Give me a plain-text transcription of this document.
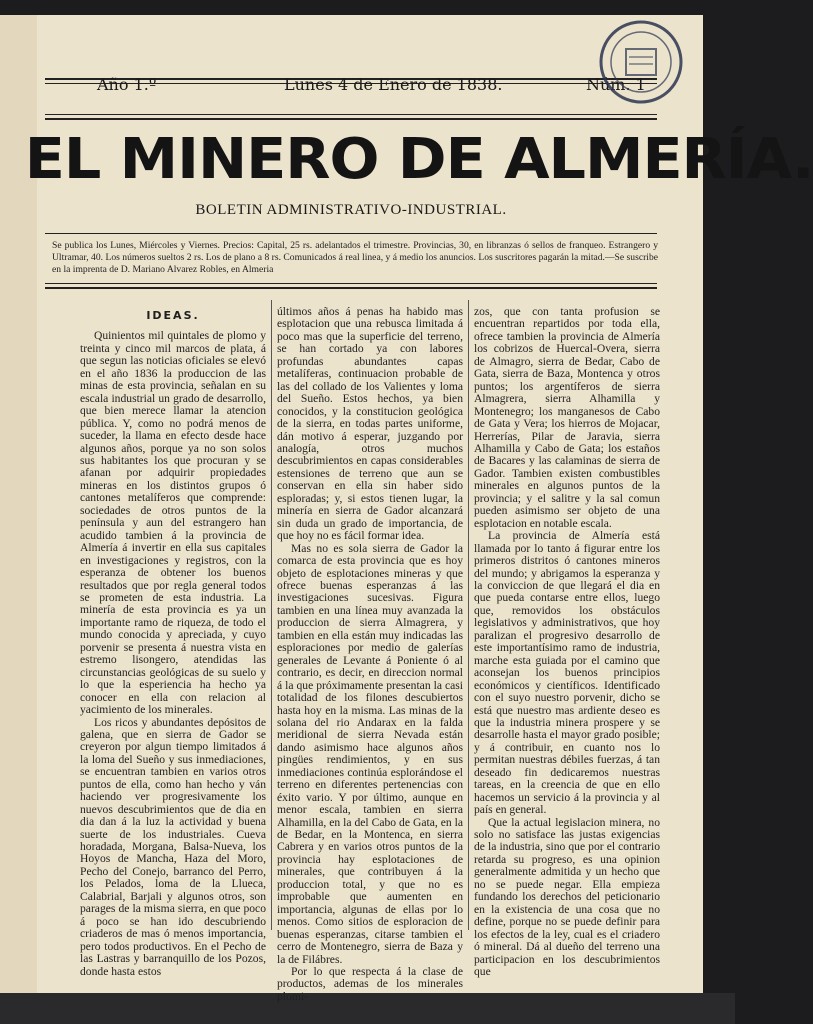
Año 1.º	Lunes 4 de Enero de 1838.	Núm. 1
EL MINERO DE ALMERÍA.
BOLETIN ADMINISTRATIVO-INDUSTRIAL.
Se publica los Lunes, Miércoles y Viernes. Precios: Capital, 25 rs. adelantados el trimestre. Provincias, 30, en libranzas ó sellos de franqueo. Estrangero y Ultramar, 40. Los números sueltos 2 rs. Los de plano a 8 rs. Comunicados á real linea, y á medio los anuncios. Los suscritores pagarán la mitad.—Se suscribe en la imprenta de D. Mariano Alvarez Robles, en Almeria

IDEAS.

Quinientos mil quintales de plomo y treinta y cinco mil marcos de plata, á que segun las noticias oficiales se elevó en el año 1836 la produccion de las minas de esta provincia, señalan en su escala industrial un grado de desarrollo, que bien merece llamar la atencion pública. Y, como no podrá menos de suceder, la llama en efecto desde hace algunos años, porque ya no son solos sus habitantes los que procuran y se afanan por adquirir propiedades mineras en los distintos grupos ó cantones metalíferos que comprende: sociedades de otros puntos de la península y aun del estrangero han acudido tambien á la provincia de Almería á invertir en ella sus capitales en investigaciones y registros, con la esperanza de obtener los buenos resultados que por regla general todos se prometen de esta industria. La minería de esta provincia es ya un importante ramo de riqueza, de todo el mundo conocida y apreciada, y cuyo porvenir se presenta á nuestra vista en estremo lisongero, atendidas las circunstancias geológicas de su suelo y lo que la esperiencia ha hecho ya conocer en ella con relacion al yacimiento de los minerales.

Los ricos y abundantes depósitos de galena, que en sierra de Gador se creyeron por algun tiempo limitados á la loma del Sueño y sus inmediaciones, se encuentran tambien en varios otros puntos de ella, como han hecho y ván haciendo ver progresivamente los nuevos descubrimientos que de dia en dia dan á la luz la actividad y buena suerte de los industriales. Cueva horadada, Morgana, Balsa-Nueva, los Hoyos de Mancha, Haza del Moro, Pecho del Conejo, barranco del Perro, los Pelados, loma de la Llueca, Calabrial, Barjali y algunos otros, son parages de la misma sierra, en que poco á poco se han ido descubriendo criaderos de mas ó menos importancia, pero todos productivos. En el Pecho de las Lastras y barranquillo de los Pozos, donde hasta estos

últimos años á penas ha habido mas esplotacion que una rebusca limitada á poco mas que la superficie del terreno, se han cortado ya con labores profundas abundantes capas metalíferas, continuacion probable de las del collado de los Valientes y loma del Sueño. Estos hechos, ya bien conocidos, y la constitucion geológica de la sierra, en todas partes uniforme, dán motivo á esperar, juzgando por analogía, otros muchos descubrimientos en capas considerables estensiones de terreno que aun se conservan en ella sin haber sido esploradas; y, si estos tienen lugar, la minería en sierra de Gador alcanzará sin duda un grado de importancia, de que hoy no es fácil formar idea.

Mas no es sola sierra de Gador la comarca de esta provincia que es hoy objeto de esplotaciones mineras y que ofrece buenas esperanzas á las investigaciones sucesivas. Figura tambien en una línea muy avanzada la produccion de sierra Almagrera, y tambien en ella están muy indicadas las esploraciones por medio de galerías generales de Levante á Poniente ó al contrario, es decir, en direccion normal á la que próximamente presentan la casi totalidad de los filones descubiertos hasta hoy en la misma. Las minas de la solana del rio Andarax en la falda meridional de sierra Nevada están dando asimismo hace algunos años pingües rendimientos, y en sus inmediaciones continúa esplorándose el terreno en diferentes pertenencias con éxito vario. Y por último, aunque en menor escala, tambien en sierra Alhamilla, en la del Cabo de Gata, en la de Bedar, en la Montenca, en sierra Cabrera y en varios otros puntos de la provincia hay esplotaciones de minerales, que contribuyen á la produccion total, y que no es improbable que aumenten en importancia, algunas de ellas por lo menos. Como sitios de esploracion de buenas esperanzas, citarse tambien el cerro de Montenegro, sierra de Baza y la de Filábres.

Por lo que respecta á la clase de productos, ademas de los minerales plomi-

zos, que con tanta profusion se encuentran repartidos por toda ella, ofrece tambien la provincia de Almería los cobrizos de Huercal-Overa, sierra de Almagro, sierra de Bedar, Cabo de Gata, sierra de Baza, Montenca y otros puntos; los argentíferos de sierra Almagrera, sierra Alhamilla y Montenegro; los manganesos de Cabo de Gata y Vera; los hierros de Mojacar, Herrerías, Pilar de Jaravia, sierra Alhamilla y Cabo de Gata; los estaños de Bacares y las calaminas de sierra de Gador. Tambien existen combustibles minerales en algunos puntos de la provincia; y el salitre y la sal comun pueden asimismo ser objeto de una esplotacion en notable escala.

La provincia de Almería está llamada por lo tanto á figurar entre los primeros distritos ó cantones mineros del mundo; y abrigamos la esperanza y la conviccion de que llegará el dia en que pueda contarse entre ellos, luego que, removidos los obstáculos legislativos y administrativos, que hoy paralizan el progresivo desarrollo de este importantísimo ramo de industria, marche esta guiada por el camino que aconsejan los buenos principios económicos y científicos. Identificado con el suyo nuestro porvenir, dicho se está que nuestro mas ardiente deseo es que la industria minera prospere y se desarrolle hasta el mayor grado posible; y á contribuir, en cuanto nos lo permitan nuestras débiles fuerzas, á tan deseado fin dedicaremos nuestras tareas, en la creencia de que en ello hacemos un servicio á la provincia y al país en general.

Que la actual legislacion minera, no solo no satisface las justas exigencias de la industria, sino que por el contrario retarda su progreso, es una opinion generalmente admitida y un hecho que no se puede negar. Ella empieza fundando los derechos del peticionario en la existencia de una cosa que no define, porque no se puede definir para los efectos de la ley, cual es el criadero ó mineral. Dá al dueño del terreno una participacion en los descubrimientos que
